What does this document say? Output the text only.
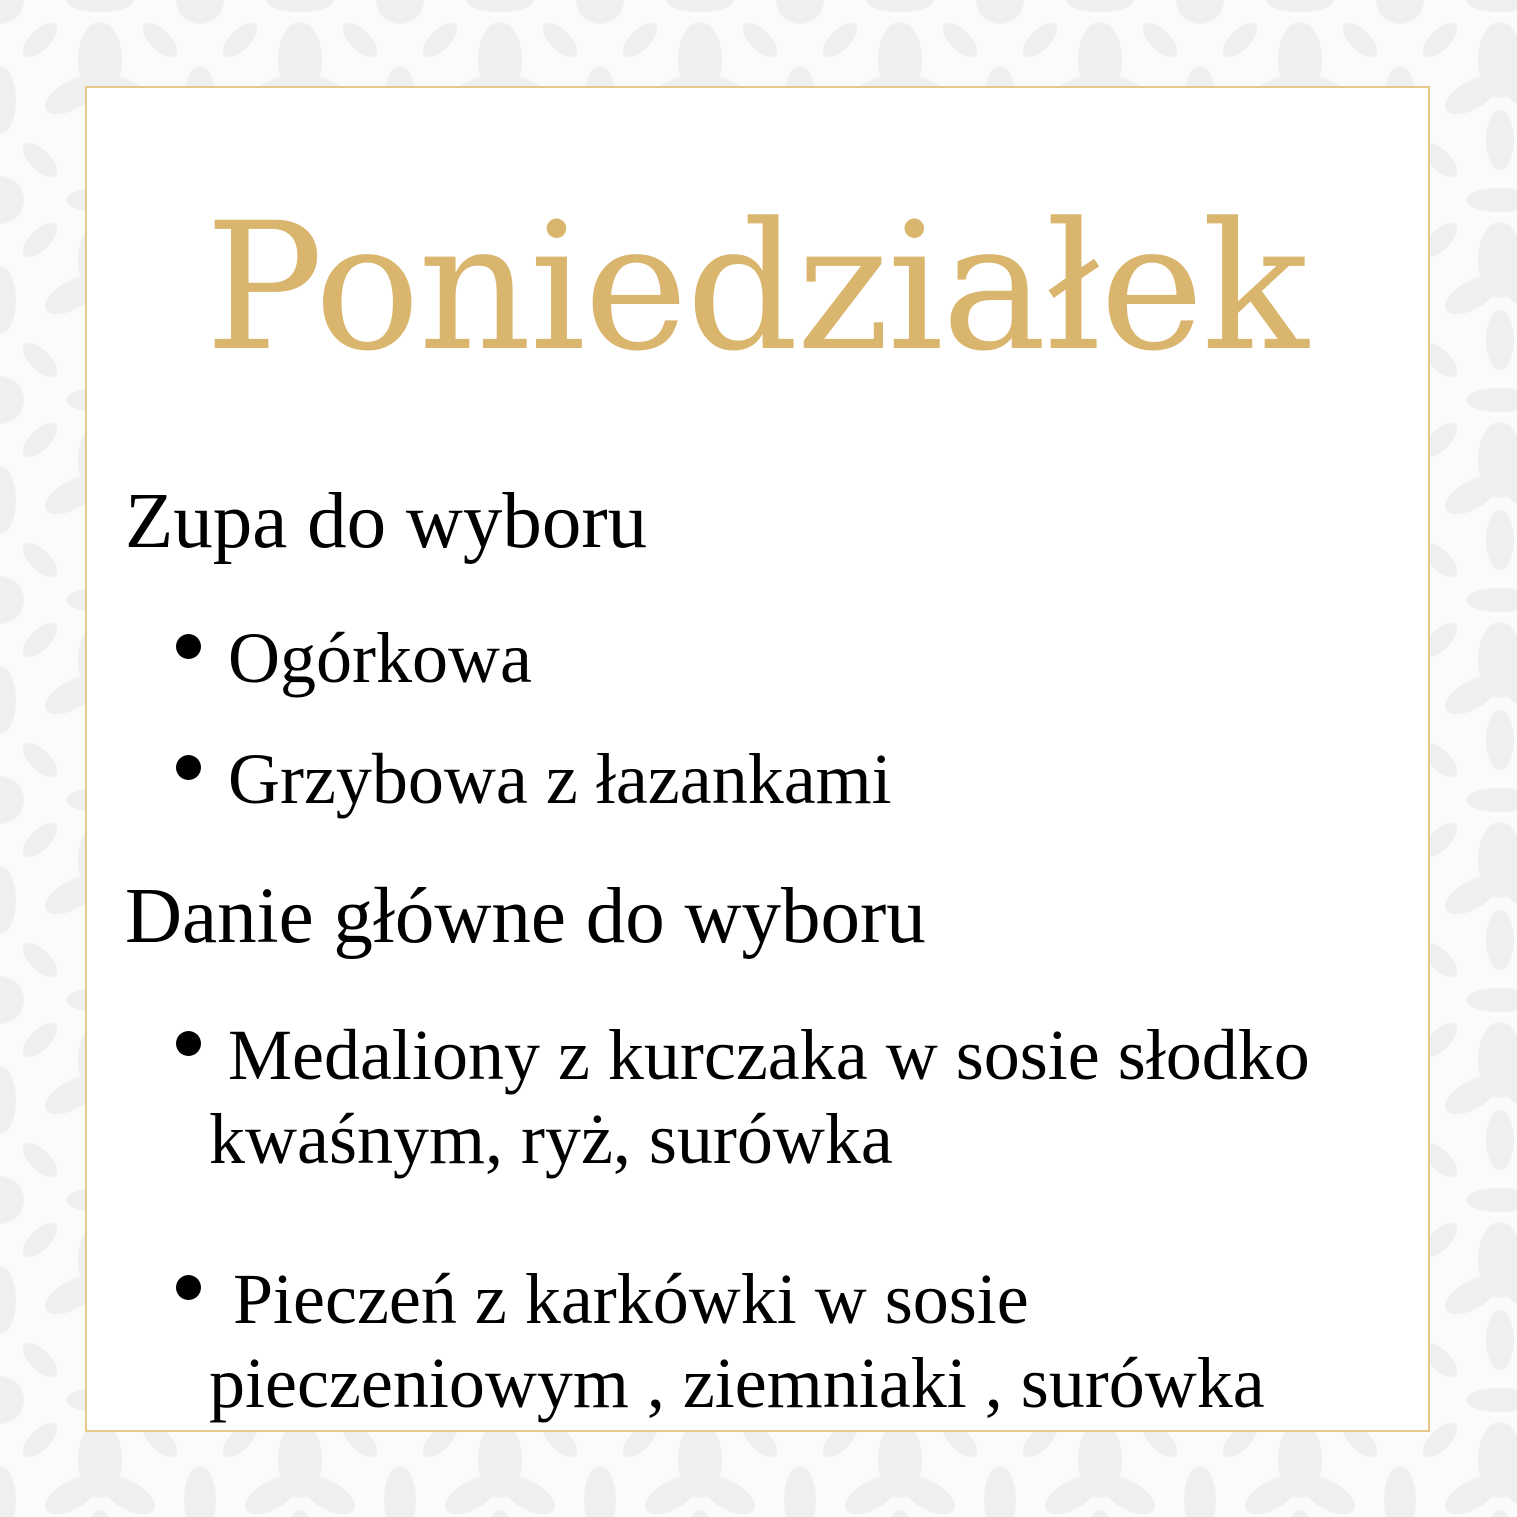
Poniedziałek
Zupa do wyboru
Ogórkowa
Grzybowa z łazankami
Danie główne do wyboru
Medaliony z kurczaka w sosie słodko
kwaśnym, ryż, surówka
Pieczeń z karkówki w sosie
pieczeniowym , ziemniaki , surówka
